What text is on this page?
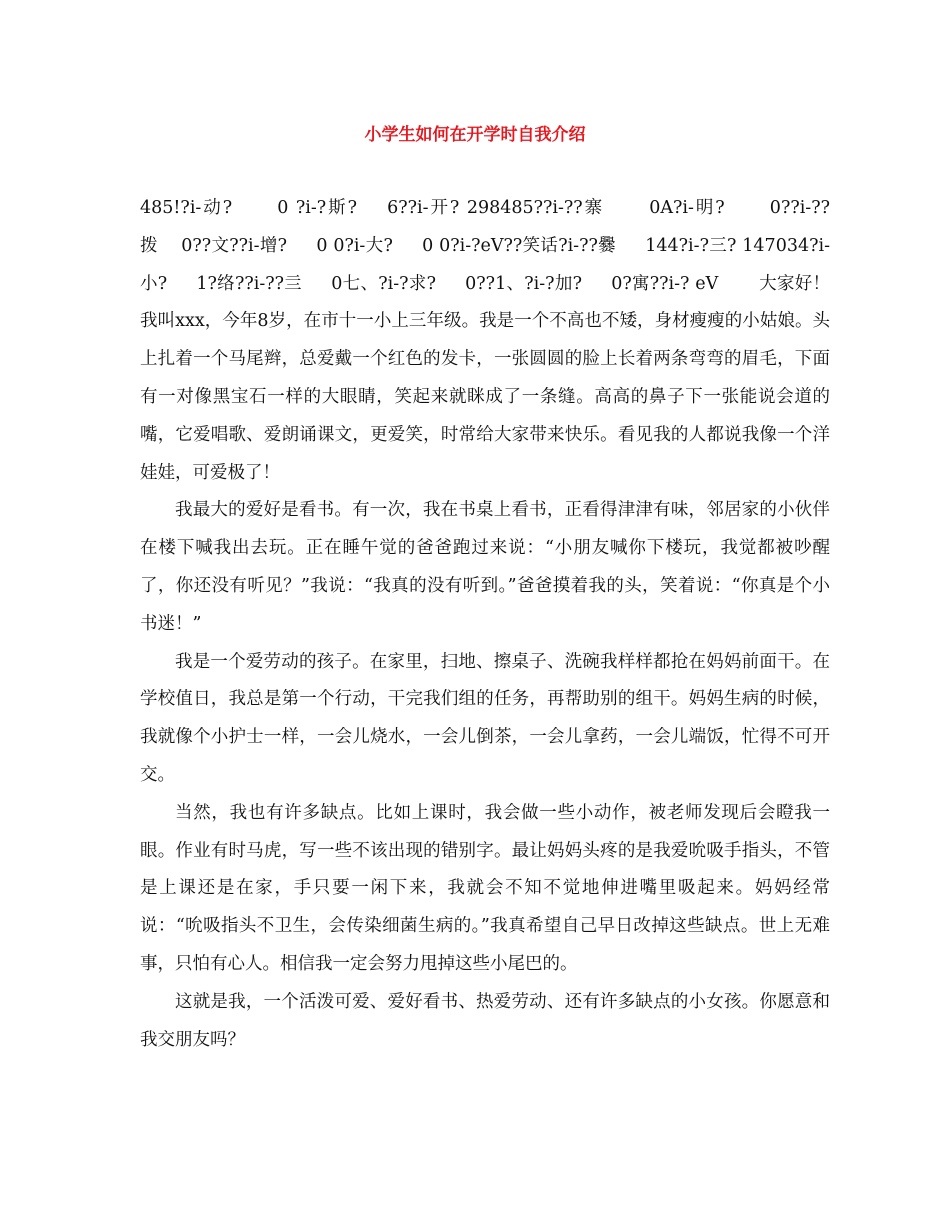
小学生如何在开学时自我介绍

485!?i-动?      0 ?i-?斯?    6??i-开? 298485??i-??寨      0A?i-明?      0??i-?? 拨    0??文??i-增?     0 0?i-大?     0 0?i-?eV??笑话?i-??爨     144?i-?三? 147034?i-小?     1?络??i-??亖     0七、?i-?求?     0??1、?i-?加?     0?寓??i-? eV       大家好！我叫xxx，今年8岁，在市十一小上三年级。我是一个不高也不矮，身材瘦瘦的小姑娘。头上扎着一个马尾辫，总爱戴一个红色的发卡，一张圆圆的脸上长着两条弯弯的眉毛，下面有一对像黑宝石一样的大眼睛，笑起来就眯成了一条缝。高高的鼻子下一张能说会道的嘴，它爱唱歌、爱朗诵课文，更爱笑，时常给大家带来快乐。看见我的人都说我像一个洋娃娃，可爱极了！

我最大的爱好是看书。有一次，我在书桌上看书，正看得津津有味，邻居家的小伙伴在楼下喊我出去玩。正在睡午觉的爸爸跑过来说：“小朋友喊你下楼玩，我觉都被吵醒了，你还没有听见？”我说：“我真的没有听到。”爸爸摸着我的头，笑着说：“你真是个小书迷！”

我是一个爱劳动的孩子。在家里，扫地、擦桌子、洗碗我样样都抢在妈妈前面干。在学校值日，我总是第一个行动，干完我们组的任务，再帮助别的组干。妈妈生病的时候，我就像个小护士一样，一会儿烧水，一会儿倒茶，一会儿拿药，一会儿端饭，忙得不可开交。

当然，我也有许多缺点。比如上课时，我会做一些小动作，被老师发现后会瞪我一眼。作业有时马虎，写一些不该出现的错别字。最让妈妈头疼的是我爱吮吸手指头，不管是上课还是在家，手只要一闲下来，我就会不知不觉地伸进嘴里吸起来。妈妈经常说：“吮吸指头不卫生，会传染细菌生病的。”我真希望自己早日改掉这些缺点。世上无难事，只怕有心人。相信我一定会努力甩掉这些小尾巴的。

这就是我，一个活泼可爱、爱好看书、热爱劳动、还有许多缺点的小女孩。你愿意和我交朋友吗？
